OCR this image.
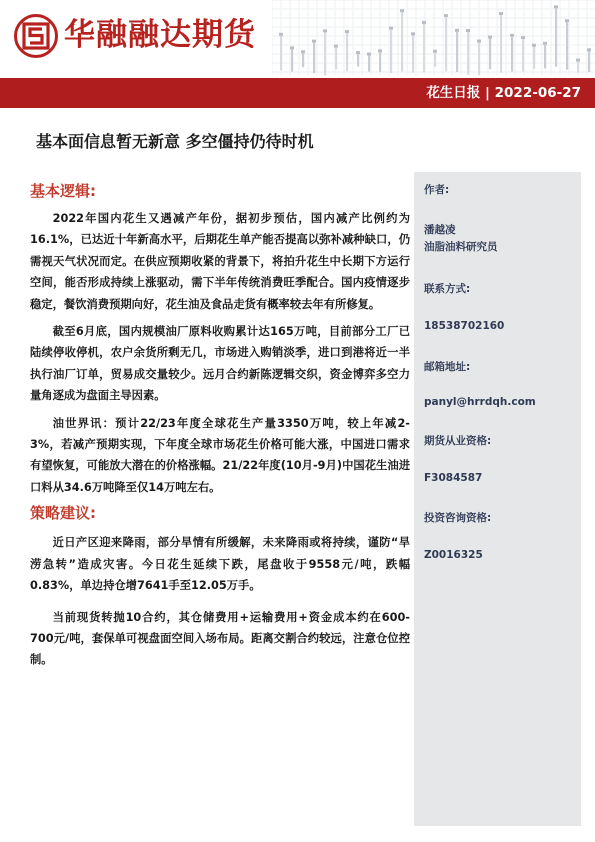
华融融达期货
花生日报 | 2022-06-27
基本面信息暂无新意 多空僵持仍待时机
基本逻辑:

2022年国内花生又遇减产年份，据初步预估，国内减产比例约为16.1%，已达近十年新高水平，后期花生单产能否提高以弥补减种缺口，仍需视天气状况而定。在供应预期收紧的背景下，将拍升花生中长期下方运行空间，能否形成持续上涨驱动，需下半年传统消费旺季配合。国内疫情逐步稳定，餐饮消费预期向好，花生油及食品走货有概率较去年有所修复。

截至6月底，国内规模油厂原料收购累计达165万吨，目前部分工厂已陆续停收停机，农户余货所剩无几，市场进入购销淡季，进口到港将近一半执行油厂订单，贸易成交量较少。远月合约新陈逻辑交织，资金博弈多空力量角逐成为盘面主导因素。

油世界讯：预计22/23年度全球花生产量3350万吨，较上年减2-3%，若减产预期实现，下年度全球市场花生价格可能大涨，中国进口需求有望恢复，可能放大潜在的价格涨幅。21/22年度(10月-9月)中国花生油进口料从34.6万吨降至仅14万吨左右。

策略建议:

近日产区迎来降雨，部分旱情有所缓解，未来降雨或将持续，谨防“旱涝急转”造成灾害。今日花生延续下跌，尾盘收于9558元/吨，跌幅0.83%，单边持仓增7641手至12.05万手。

当前现货转抛10合约，其仓储费用+运输费用+资金成本约在600-700元/吨，套保单可视盘面空间入场布局。距离交割合约较远，注意仓位控制。

作者:
潘越凌
油脂油料研究员
联系方式:
18538702160
邮箱地址:
panyl@hrrdqh.com
期货从业资格:
F3084587
投资咨询资格:
Z0016325
